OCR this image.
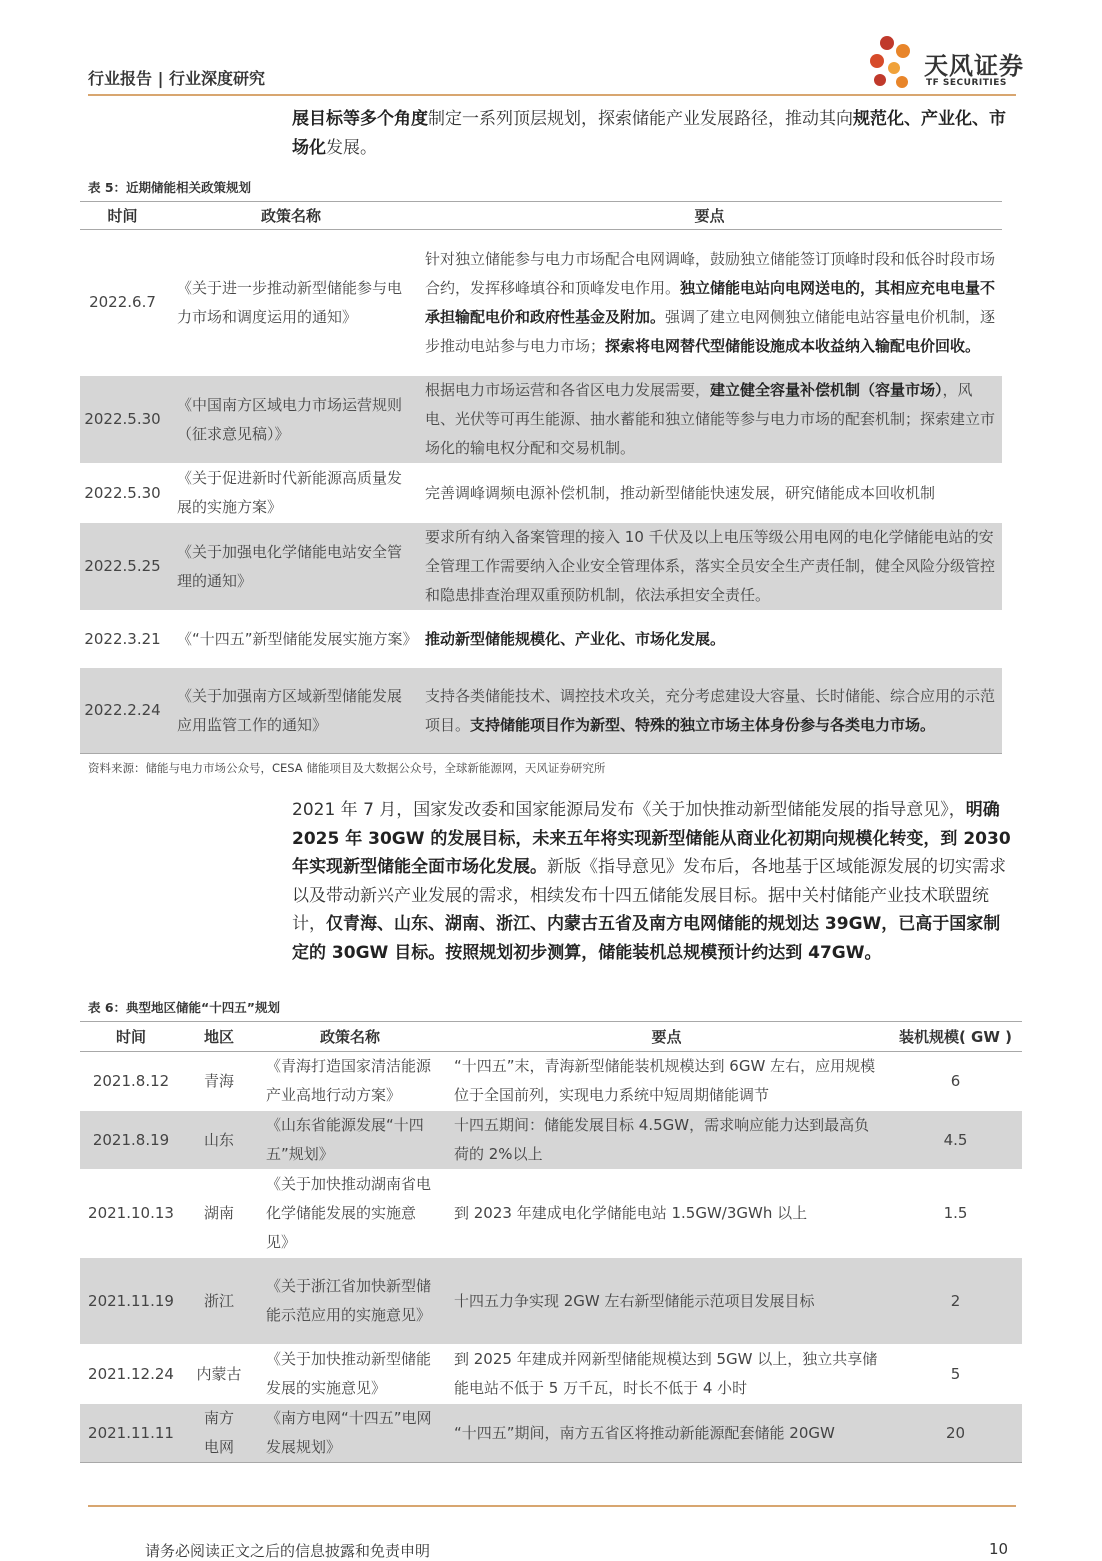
行业报告 | 行业深度研究	天风证券
TF SECURITIES
展目标等多个角度制定一系列顶层规划，探索储能产业发展路径，推动其向规范化、产业化、市场化发展。
表 5：近期储能相关政策规划
时间	政策名称	要点
2022.6.7	《关于进一步推动新型储能参与电力市场和调度运用的通知》	针对独立储能参与电力市场配合电网调峰，鼓励独立储能签订顶峰时段和低谷时段市场合约，发挥移峰填谷和顶峰发电作用。独立储能电站向电网送电的，其相应充电电量不承担输配电价和政府性基金及附加。强调了建立电网侧独立储能电站容量电价机制，逐步推动电站参与电力市场；探索将电网替代型储能设施成本收益纳入输配电价回收。
2022.5.30	《中国南方区域电力市场运营规则（征求意见稿）》	根据电力市场运营和各省区电力发展需要，建立健全容量补偿机制（容量市场），风电、光伏等可再生能源、抽水蓄能和独立储能等参与电力市场的配套机制；探索建立市场化的输电权分配和交易机制。
2022.5.30	《关于促进新时代新能源高质量发展的实施方案》	完善调峰调频电源补偿机制，推动新型储能快速发展，研究储能成本回收机制
2022.5.25	《关于加强电化学储能电站安全管理的通知》	要求所有纳入备案管理的接入 10 千伏及以上电压等级公用电网的电化学储能电站的安全管理工作需要纳入企业安全管理体系，落实全员安全生产责任制，健全风险分级管控和隐患排查治理双重预防机制，依法承担安全责任。
2022.3.21	《“十四五”新型储能发展实施方案》	推动新型储能规模化、产业化、市场化发展。
2022.2.24	《关于加强南方区域新型储能发展应用监管工作的通知》	支持各类储能技术、调控技术攻关，充分考虑建设大容量、长时储能、综合应用的示范项目。支持储能项目作为新型、特殊的独立市场主体身份参与各类电力市场。
资料来源：储能与电力市场公众号，CESA 储能项目及大数据公众号，全球新能源网，天风证券研究所
2021 年 7 月，国家发改委和国家能源局发布《关于加快推动新型储能发展的指导意见》，明确 2025 年 30GW 的发展目标，未来五年将实现新型储能从商业化初期向规模化转变，到 2030 年实现新型储能全面市场化发展。新版《指导意见》发布后，各地基于区域能源发展的切实需求以及带动新兴产业发展的需求，相续发布十四五储能发展目标。据中关村储能产业技术联盟统计，仅青海、山东、湖南、浙江、内蒙古五省及南方电网储能的规划达 39GW，已高于国家制定的 30GW 目标。按照规划初步测算，储能装机总规模预计约达到 47GW。
表 6：典型地区储能“十四五”规划
时间	地区	政策名称	要点	装机规模( GW )
2021.8.12	青海	《青海打造国家清洁能源产业高地行动方案》	“十四五”末，青海新型储能装机规模达到 6GW 左右，应用规模位于全国前列，实现电力系统中短周期储能调节	6
2021.8.19	山东	《山东省能源发展“十四五”规划》	十四五期间：储能发展目标 4.5GW，需求响应能力达到最高负荷的 2%以上	4.5
2021.10.13	湖南	《关于加快推动湖南省电化学储能发展的实施意见》	到 2023 年建成电化学储能电站 1.5GW/3GWh 以上	1.5
2021.11.19	浙江	《关于浙江省加快新型储能示范应用的实施意见》	十四五力争实现 2GW 左右新型储能示范项目发展目标	2
2021.12.24	内蒙古	《关于加快推动新型储能发展的实施意见》	到 2025 年建成并网新型储能规模达到 5GW 以上，独立共享储能电站不低于 5 万千瓦，时长不低于 4 小时	5
2021.11.11	南方电网	《南方电网“十四五”电网发展规划》	“十四五”期间，南方五省区将推动新能源配套储能 20GW	20
请务必阅读正文之后的信息披露和免责申明	10
